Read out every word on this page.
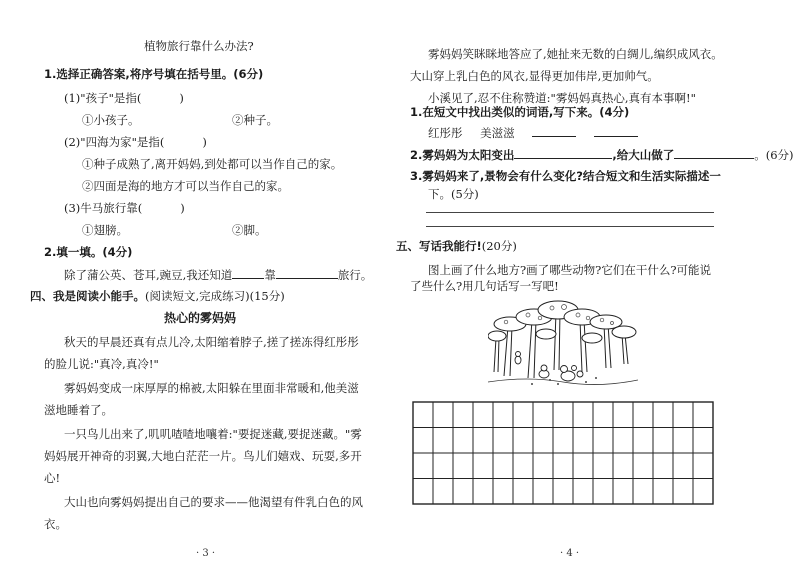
植物旅行靠什么办法?
1.选择正确答案,将序号填在括号里。(6分)
(1)"孩子"是指(	)
①小孩子。	②种子。
(2)"四海为家"是指(	)
①种子成熟了,离开妈妈,到处都可以当作自己的家。
②四面是海的地方才可以当作自己的家。
(3)牛马旅行靠(	)
①翅膀。	②脚。
2.填一填。(4分)
除了蒲公英、苍耳,豌豆,我还知道	靠	旅行。
四、我是阅读小能手。(阅读短文,完成练习)(15分)
热心的雾妈妈
秋天的早晨还真有点儿冷,太阳缩着脖子,搓了搓冻得红彤彤
的脸儿说:"真冷,真冷!"
雾妈妈变成一床厚厚的棉被,太阳躲在里面非常暖和,他美滋
滋地睡着了。
一只鸟儿出来了,叽叽喳喳地嚷着:"要捉迷藏,要捉迷藏。"雾
妈妈展开神奇的羽翼,大地白茫茫一片。鸟儿们嬉戏、玩耍,多开
心!
大山也向雾妈妈提出自己的要求——他渴望有件乳白色的风
衣。
· 3 ·
雾妈妈笑眯眯地答应了,她扯来无数的白绸儿,编织成风衣。
大山穿上乳白色的风衣,显得更加伟岸,更加帅气。
小溪见了,忍不住称赞道:"雾妈妈真热心,真有本事啊!"
1.在短文中找出类似的词语,写下来。(4分)
红彤彤 美滋滋
2.雾妈妈为太阳变出	,给大山做了	。(6分)
3.雾妈妈来了,景物会有什么变化?结合短文和生活实际描述一
下。(5分)
五、写话我能行!(20分)
图上画了什么地方?画了哪些动物?它们在干什么?可能说
了些什么?用几句话写一写吧!
· 4 ·
